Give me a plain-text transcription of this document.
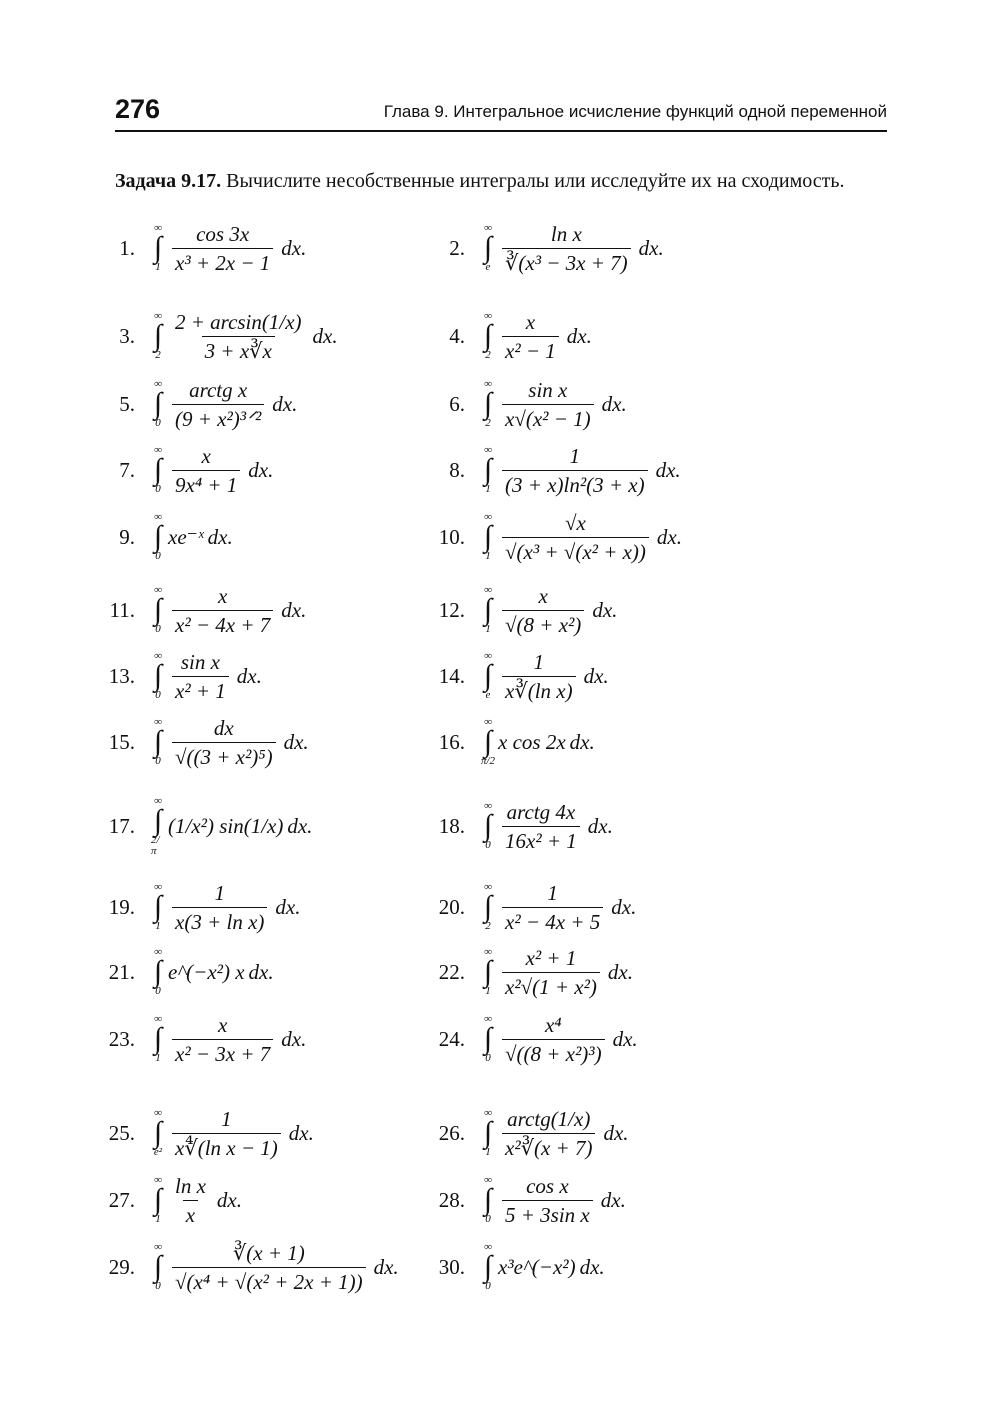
276	Глава 9. Интегральное исчисление функций одной переменной
Задача 9.17. Вычислите несобственные интегралы или исследуйте их на сходимость.
1.
∞
∫
$1 \frac{\cos 3x}{\text{x³ + 2x − 1}}$ dx.	2.
∞
∫
e $\frac{\text{ln x}}{\text{∛(x³ − 3x + 7)}}$ dx.
3.
∞
∫
$2 \frac{2 + \arcsin(1/x)}{3 + x∛x}$ dx.	4.
∞
∫
$2 \frac{x}{\text{x² − 1}}$ dx.
5.
∞
∫
$0 \frac{\text{arctg x}}{\text{(9 + x²)³ᐟ²}}$ dx.	6.
∞
∫
$2 \frac{\text{sin x}}{\text{x√(x² − 1)}}$ dx.
7.
∞
∫
$0 \frac{x}{\text{9x⁴ + 1}}$ dx.	8.
∞
∫
$1 \frac{1}{\text{(3 + x)ln²(3 + x)}}$ dx.
9.
∞
∫
0
xe⁻ˣ dx.	10.
∞
∫
$1 \frac{√x}{\text{√(x³ + √(x² + x))}}$ dx.
11.
∞
∫
$0 \frac{x}{\text{x² − 4x + 7}}$ dx.	12.
∞
∫
$1 \frac{x}{\text{√(8 + x²)}}$ dx.
13.
∞
∫
$0 \frac{\text{sin x}}{\text{x² + 1}}$ dx.	14.
∞
∫
e $\frac{1}{\text{x∛(ln x)}}$ dx.
15.
∞
∫
$0 \frac{dx}{\text{√((3 + x²)⁵)}}$ dx.	16.
∞
∫
π/2
x cos 2x dx.
17.
∞
∫
2/π
(1/x²) sin(1/x) dx.	18.
∞
∫
$0 \frac{\text{arctg 4x}}{\text{16x² + 1}}$ dx.
19.
∞
∫
$1 \frac{1}{\text{x(3 + ln x)}}$ dx.	20.
∞
∫
$2 \frac{1}{\text{x² − 4x + 5}}$ dx.
21.
∞
∫
0
e^(−x²) x dx.	22.
∞
∫
$1 \frac{\text{x² + 1}}{\text{x²√(1 + x²)}}$ dx.
23.
∞
∫
$1 \frac{x}{\text{x² − 3x + 7}}$ dx.	24.
∞
∫
$0 \frac{\text{x⁴}}{\text{√((8 + x²)³)}}$ dx.
25.
∞
∫
$e^2 \frac{1}{\text{x∜(ln x − 1)}}$ dx.	26.
∞
∫
$1 \frac{\text{arctg(1/x)}}{\text{x²∛(x + 7)}}$ dx.
27.
∞
∫
$1 \frac{\text{ln x}}{x}$ dx.	28.
∞
∫
$0 \frac{\text{cos x}}{\text{5 + 3sin x}}$ dx.
29.
∞
∫
$0 \frac{∛(x + 1)}{\text{√(x⁴ + √(x² + 2x + 1))}}$ dx.	30.
∞
∫
0
x³e^(−x²) dx.
